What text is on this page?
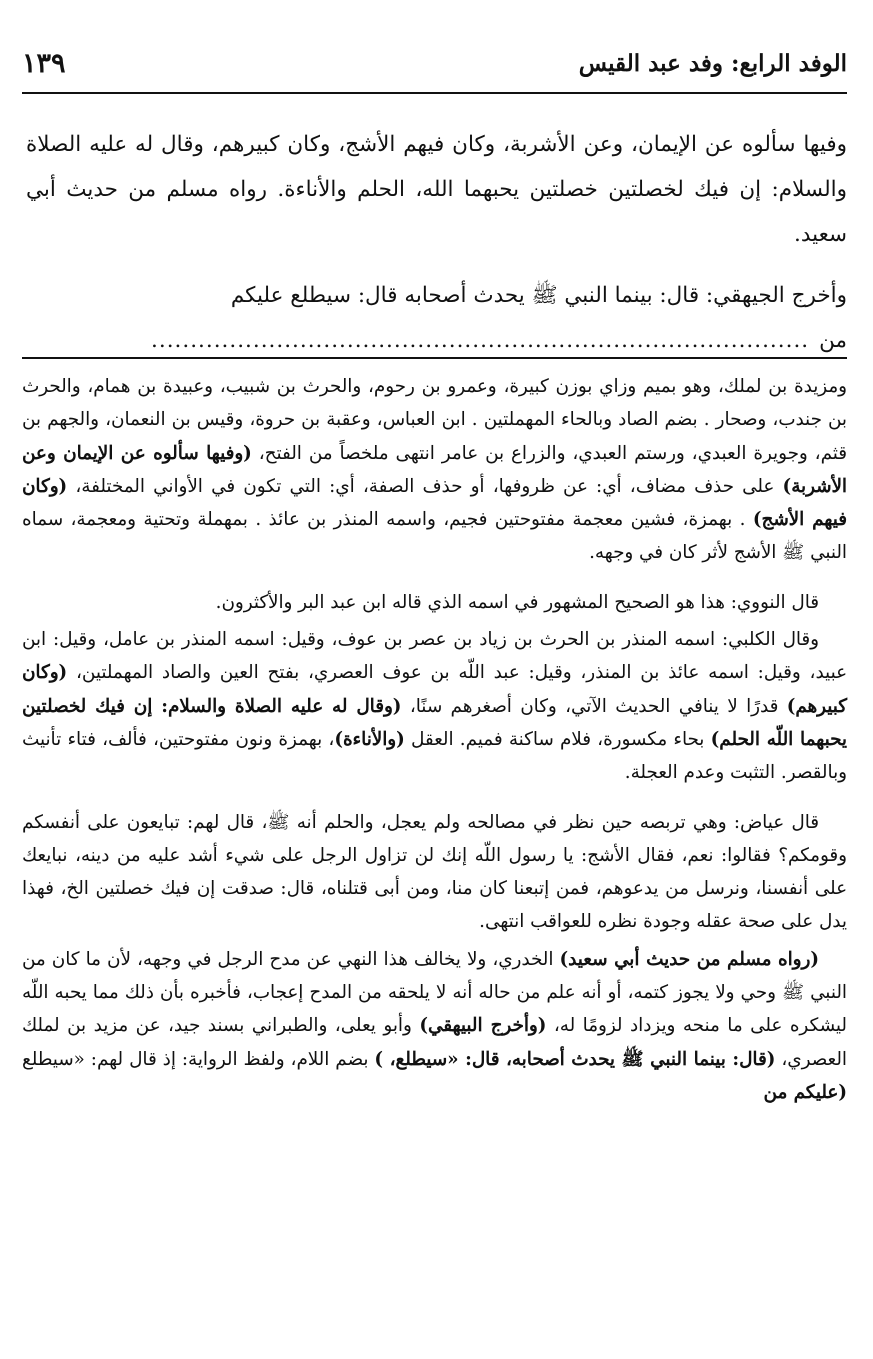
الوفد الرابع: وفد عبد القيس
١٣٩

وفيها سألوه عن الإيمان، وعن الأشربة، وكان فيهم الأشج، وكان كبيرهم، وقال له عليه الصلاة والسلام: إن فيك لخصلتين خصلتين يحبهما الله، الحلم والأناءة. رواه مسلم من حديث أبي سعيد.

وأخرج الجيهقي: قال: بينما النبي ﷺ يحدث أصحابه قال: سيطلع عليكم

من
....................................................................................

ومزيدة بن لملك، وهو بميم وزاي بوزن كبيرة، وعمرو بن رحوم، والحرث بن شبيب، وعبيدة بن همام، والحرث بن جندب، وصحار . بضم الصاد وبالحاء المهملتين . ابن العباس، وعقبة بن حروة، وقيس بن النعمان، والجهم بن قثم، وجويرة العبدي، ورستم العبدي، والزراع بن عامر انتهى ملخصاً من الفتح، (وفيها سألوه عن الإيمان وعن الأشربة) على حذف مضاف، أي: عن ظروفها، أو حذف الصفة، أي: التي تكون في الأواني المختلفة، (وكان فيهم الأشج) . بهمزة، فشين معجمة مفتوحتين فجيم، واسمه المنذر بن عائذ . بمهملة وتحتية ومعجمة، سماه النبي ﷺ الأشج لأثر كان في وجهه.

قال النووي: هذا هو الصحيح المشهور في اسمه الذي قاله ابن عبد البر والأكثرون.

وقال الكلبي: اسمه المنذر بن الحرث بن زياد بن عصر بن عوف، وقيل: اسمه المنذر بن عامل، وقيل: ابن عبيد، وقيل: اسمه عائذ بن المنذر، وقيل: عبد اللّه بن عوف العصري، بفتح العين والصاد المهملتين، (وكان كبيرهم) قدرًا لا ينافي الحديث الآتي، وكان أصغرهم سنًا، (وقال له عليه الصلاة والسلام: إن فيك لخصلتين يحبهما اللّه الحلم) بحاء مكسورة، فلام ساكنة فميم. العقل (والأناءة)، بهمزة ونون مفتوحتين، فألف، فتاء تأنيث وبالقصر. التثبت وعدم العجلة.

قال عياض: وهي تربصه حين نظر في مصالحه ولم يعجل، والحلم أنه ﷺ، قال لهم: تبايعون على أنفسكم وقومكم؟ فقالوا: نعم، فقال الأشج: يا رسول اللّه إنك لن تزاول الرجل على شيء أشد عليه من دينه، نبايعك على أنفسنا، ونرسل من يدعوهم، فمن إتبعنا كان منا، ومن أبى قتلناه، قال: صدقت إن فيك خصلتين الخ، فهذا يدل على صحة عقله وجودة نظره للعواقب انتهى.

(رواه مسلم من حديث أبي سعيد) الخدري، ولا يخالف هذا النهي عن مدح الرجل في وجهه، لأن ما كان من النبي ﷺ وحي ولا يجوز كتمه، أو أنه علم من حاله أنه لا يلحقه من المدح إعجاب، فأخبره بأن ذلك مما يحبه اللّه ليشكره على ما منحه ويزداد لزومًا له، (وأخرج البيهقي) وأبو يعلى، والطبراني بسند جيد، عن مزيد بن لملك العصري، (قال: بينما النبي ﷺ يحدث أصحابه، قال: «سيطلع، ) بضم اللام، ولفظ الرواية: إذ قال لهم: «سيطلع (عليكم من
